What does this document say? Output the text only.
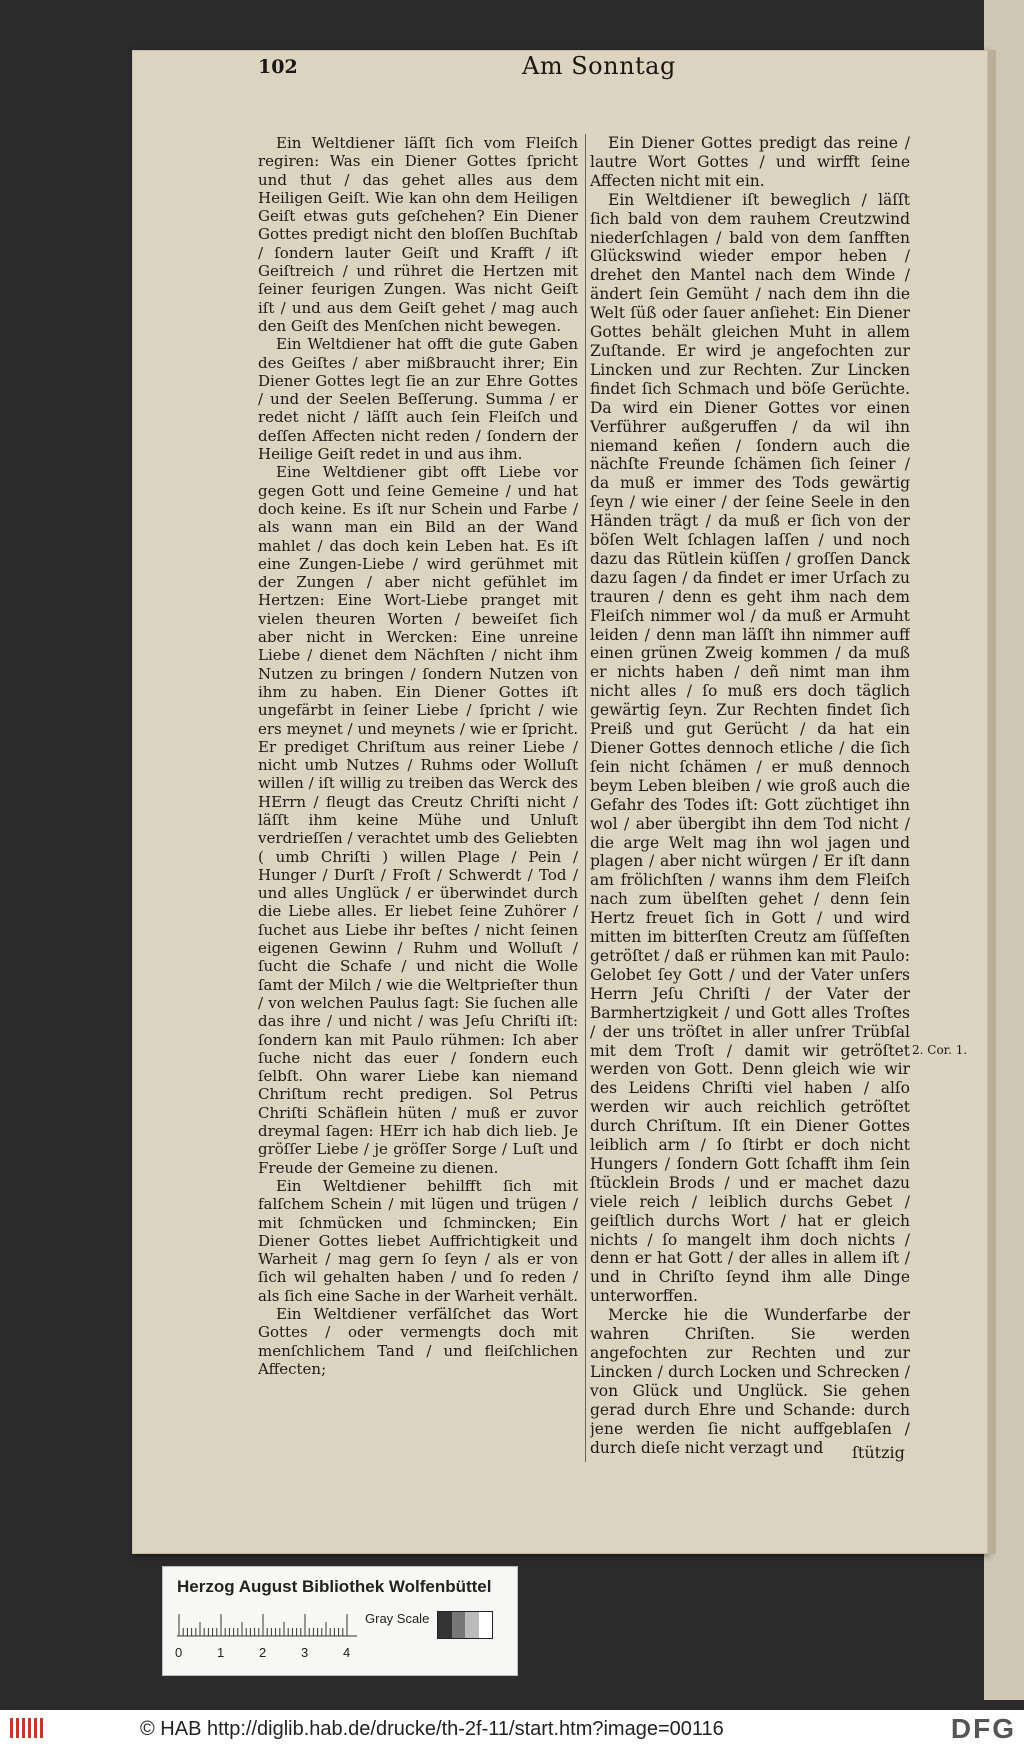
102	Am Sonntag

Ein Weltdiener läſſt ſich vom Fleiſch regiren: Was ein Diener Gottes ſpricht und thut / das gehet alles aus dem Heiligen Geiſt. Wie kan ohn dem Heiligen Geiſt etwas guts geſchehen? Ein Diener Gottes predigt nicht den bloſſen Buchſtab / ſondern lauter Geiſt und Krafft / iſt Geiſtreich / und rühret die Hertzen mit ſeiner feurigen Zungen. Was nicht Geiſt iſt / und aus dem Geiſt gehet / mag auch den Geiſt des Menſchen nicht bewegen.

Ein Weltdiener hat offt die gute Gaben des Geiſtes / aber mißbraucht ihrer; Ein Diener Gottes legt ſie an zur Ehre Gottes / und der Seelen Beſſerung. Summa / er redet nicht / läſſt auch ſein Fleiſch und deſſen Affecten nicht reden / ſondern der Heilige Geiſt redet in und aus ihm.

Eine Weltdiener gibt offt Liebe vor gegen Gott und ſeine Gemeine / und hat doch keine. Es iſt nur Schein und Farbe / als wann man ein Bild an der Wand mahlet / das doch kein Leben hat. Es iſt eine Zungen-Liebe / wird gerühmet mit der Zungen / aber nicht gefühlet im Hertzen: Eine Wort-Liebe pranget mit vielen theuren Worten / beweiſet ſich aber nicht in Wercken: Eine unreine Liebe / dienet dem Nächſten / nicht ihm Nutzen zu bringen / ſondern Nutzen von ihm zu haben. Ein Diener Gottes iſt ungefärbt in ſeiner Liebe / ſpricht / wie ers meynet / und meynets / wie er ſpricht. Er prediget Chriſtum aus reiner Liebe / nicht umb Nutzes / Ruhms oder Wolluſt willen / iſt willig zu treiben das Werck des HErrn / fleugt das Creutz Chriſti nicht / läſſt ihm keine Mühe und Unluſt verdrieſſen / verachtet umb des Geliebten ( umb Chriſti ) willen Plage / Pein / Hunger / Durſt / Froſt / Schwerdt / Tod / und alles Unglück / er überwindet durch die Liebe alles. Er liebet ſeine Zuhörer / ſuchet aus Liebe ihr beſtes / nicht ſeinen eigenen Gewinn / Ruhm und Wolluſt / ſucht die Schafe / und nicht die Wolle ſamt der Milch / wie die Weltprieſter thun / von welchen Paulus ſagt: Sie ſuchen alle das ihre / und nicht / was Jeſu Chriſti iſt: ſondern kan mit Paulo rühmen: Ich aber ſuche nicht das euer / ſondern euch ſelbſt. Ohn warer Liebe kan niemand Chriſtum recht predigen. Sol Petrus Chriſti Schäflein hüten / muß er zuvor dreymal ſagen: HErr ich hab dich lieb. Je gröſſer Liebe / je gröſſer Sorge / Luſt und Freude der Gemeine zu dienen.

Ein Weltdiener behilfft ſich mit falſchem Schein / mit lügen und trügen / mit ſchmücken und ſchmincken; Ein Diener Gottes liebet Auffrichtigkeit und Warheit / mag gern ſo ſeyn / als er von ſich wil gehalten haben / und ſo reden / als ſich eine Sache in der Warheit verhält.

Ein Weltdiener verfälſchet das Wort Gottes / oder vermengts doch mit menſchlichem Tand / und fleiſchlichen Affecten;

Ein Diener Gottes predigt das reine / lautre Wort Gottes / und wirfft ſeine Affecten nicht mit ein.

Ein Weltdiener iſt beweglich / läſſt ſich bald von dem rauhem Creutzwind niederſchlagen / bald von dem ſanfften Glückswind wieder empor heben / drehet den Mantel nach dem Winde / ändert ſein Gemüht / nach dem ihn die Welt ſüß oder ſauer anſiehet: Ein Diener Gottes behält gleichen Muht in allem Zuſtande. Er wird je angefochten zur Lincken und zur Rechten. Zur Lincken findet ſich Schmach und böſe Gerüchte. Da wird ein Diener Gottes vor einen Verführer außgeruffen / da wil ihn niemand keñen / ſondern auch die nächſte Freunde ſchämen ſich ſeiner / da muß er immer des Tods gewärtig ſeyn / wie einer / der ſeine Seele in den Händen trägt / da muß er ſich von der böſen Welt ſchlagen laſſen / und noch dazu das Rütlein küſſen / groſſen Danck dazu ſagen / da findet er imer Urſach zu trauren / denn es geht ihm nach dem Fleiſch nimmer wol / da muß er Armuht leiden / denn man läſſt ihn nimmer auff einen grünen Zweig kommen / da muß er nichts haben / deñ nimt man ihm nicht alles / ſo muß ers doch täglich gewärtig ſeyn. Zur Rechten findet ſich Preiß und gut Gerücht / da hat ein Diener Gottes dennoch etliche / die ſich ſein nicht ſchämen / er muß dennoch beym Leben bleiben / wie groß auch die Gefahr des Todes iſt: Gott züchtiget ihn wol / aber übergibt ihn dem Tod nicht / die arge Welt mag ihn wol jagen und plagen / aber nicht würgen / Er iſt dann am frölichſten / wanns ihm dem Fleiſch nach zum übelſten gehet / denn ſein Hertz freuet ſich in Gott / und wird mitten im bitterſten Creutz am ſüſſeſten getröſtet / daß er rühmen kan mit Paulo: Gelobet ſey Gott / und der Vater unſers Herrn Jeſu Chriſti / der Vater der Barmhertzigkeit / und Gott alles Troſtes / der uns tröſtet in aller unſrer Trübſal mit dem Troſt / damit wir getröſtet werden von Gott. Denn gleich wie wir des Leidens Chriſti viel haben / alſo werden wir auch reichlich getröſtet durch Chriſtum. Iſt ein Diener Gottes leiblich arm / ſo ſtirbt er doch nicht Hungers / ſondern Gott ſchafft ihm ſein ſtücklein Brods / und er machet dazu viele reich / leiblich durchs Gebet / geiſtlich durchs Wort / hat er gleich nichts / ſo mangelt ihm doch nichts / denn er hat Gott / der alles in allem iſt / und in Chriſto ſeynd ihm alle Dinge unterworffen.

Mercke hie die Wunderfarbe der wahren Chriſten. Sie werden angefochten zur Rechten und zur Lincken / durch Locken und Schrecken / von Glück und Unglück. Sie gehen gerad durch Ehre und Schande: durch jene werden ſie nicht auffgeblaſen / durch dieſe nicht verzagt und

2. Cor. 1.
ſtützig
Herzog August Bibliothek Wolfenbüttel
0	1	2	3	4
Gray Scale
© HAB http://diglib.hab.de/drucke/th-2f-11/start.htm?image=00116	DFG
